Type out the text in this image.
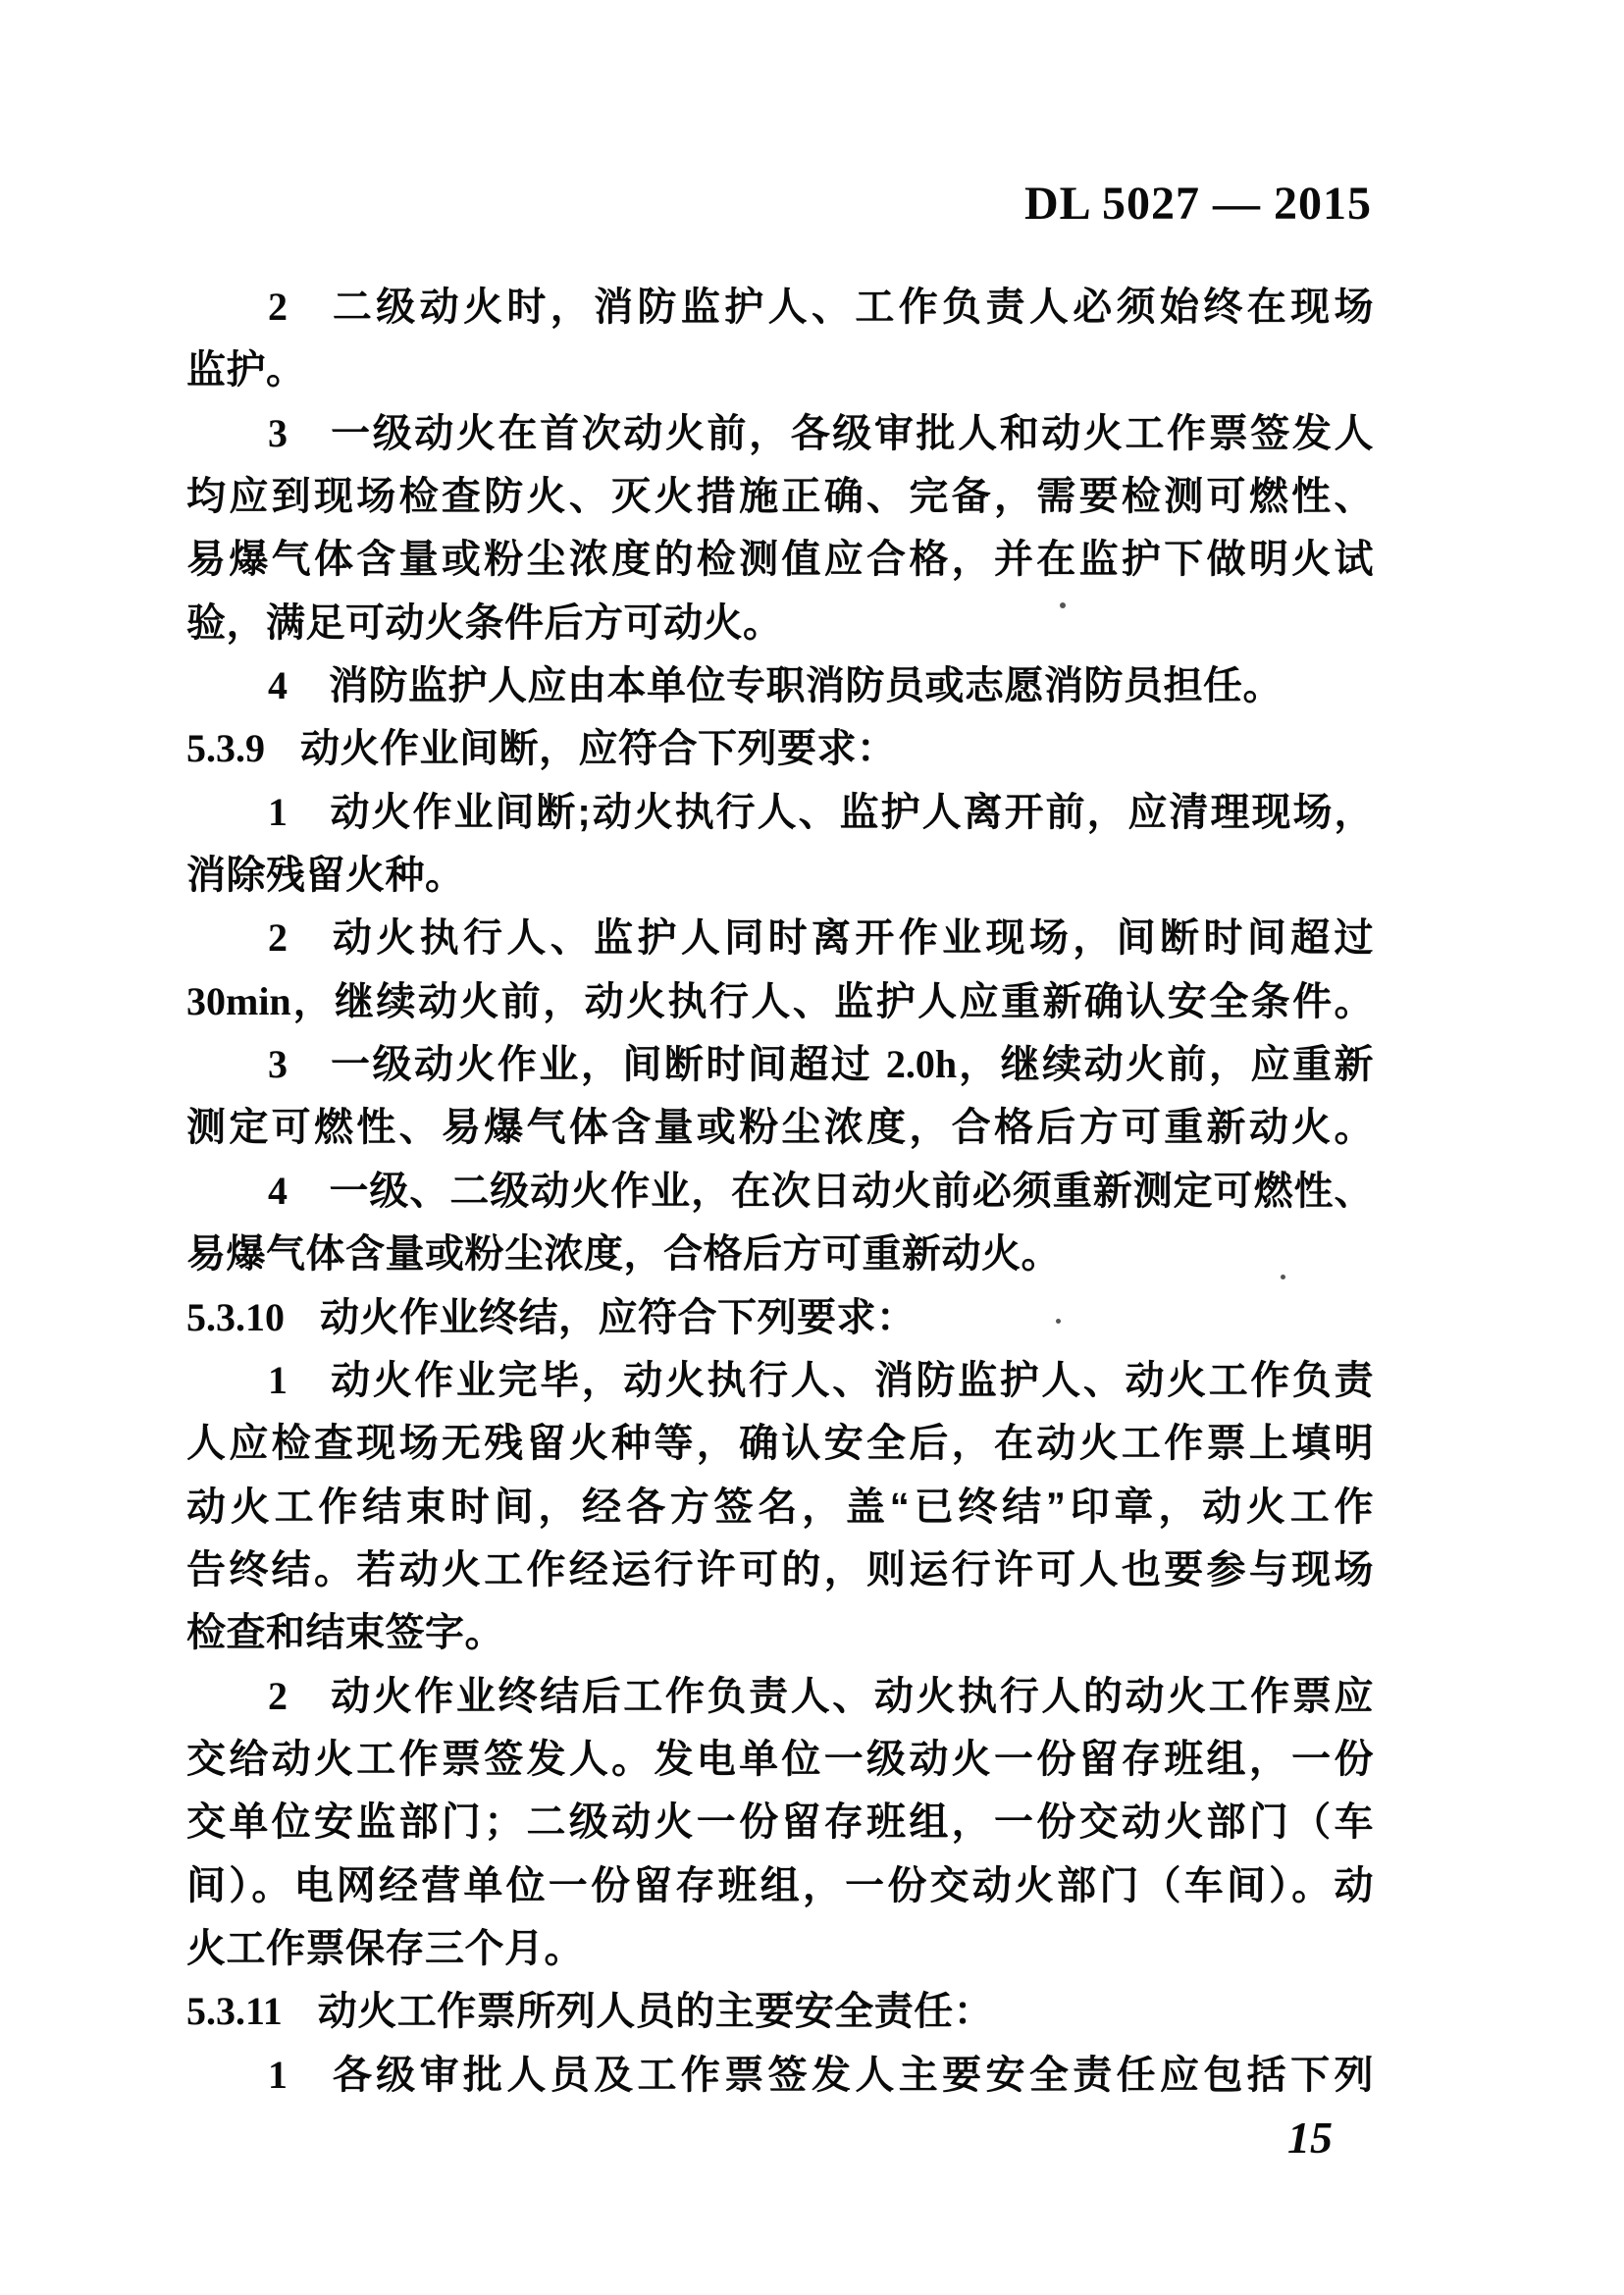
DL 5027 — 2015
2 二级动火时，消防监护人、工作负责人必须始终在现场
监护。
3 一级动火在首次动火前，各级审批人和动火工作票签发人
均应到现场检查防火、灭火措施正确、完备，需要检测可燃性、
易爆气体含量或粉尘浓度的检测值应合格，并在监护下做明火试
验，满足可动火条件后方可动火。
4 消防监护人应由本单位专职消防员或志愿消防员担任。
5.3.9 动火作业间断，应符合下列要求：
1 动火作业间断;动火执行人、监护人离开前，应清理现场，
消除残留火种。
2 动火执行人、监护人同时离开作业现场，间断时间超过
30min，继续动火前，动火执行人、监护人应重新确认安全条件。
3 一级动火作业，间断时间超过 2.0h，继续动火前，应重新
测定可燃性、易爆气体含量或粉尘浓度，合格后方可重新动火。
4 一级、二级动火作业，在次日动火前必须重新测定可燃性、
易爆气体含量或粉尘浓度，合格后方可重新动火。
5.3.10 动火作业终结，应符合下列要求：
1 动火作业完毕，动火执行人、消防监护人、动火工作负责
人应检查现场无残留火种等，确认安全后，在动火工作票上填明
动火工作结束时间，经各方签名，盖“已终结”印章，动火工作
告终结。若动火工作经运行许可的，则运行许可人也要参与现场
检查和结束签字。
2 动火作业终结后工作负责人、动火执行人的动火工作票应
交给动火工作票签发人。发电单位一级动火一份留存班组，一份
交单位安监部门；二级动火一份留存班组，一份交动火部门（车
间）。电网经营单位一份留存班组，一份交动火部门（车间）。动
火工作票保存三个月。
5.3.11 动火工作票所列人员的主要安全责任：
1 各级审批人员及工作票签发人主要安全责任应包括下列
15
